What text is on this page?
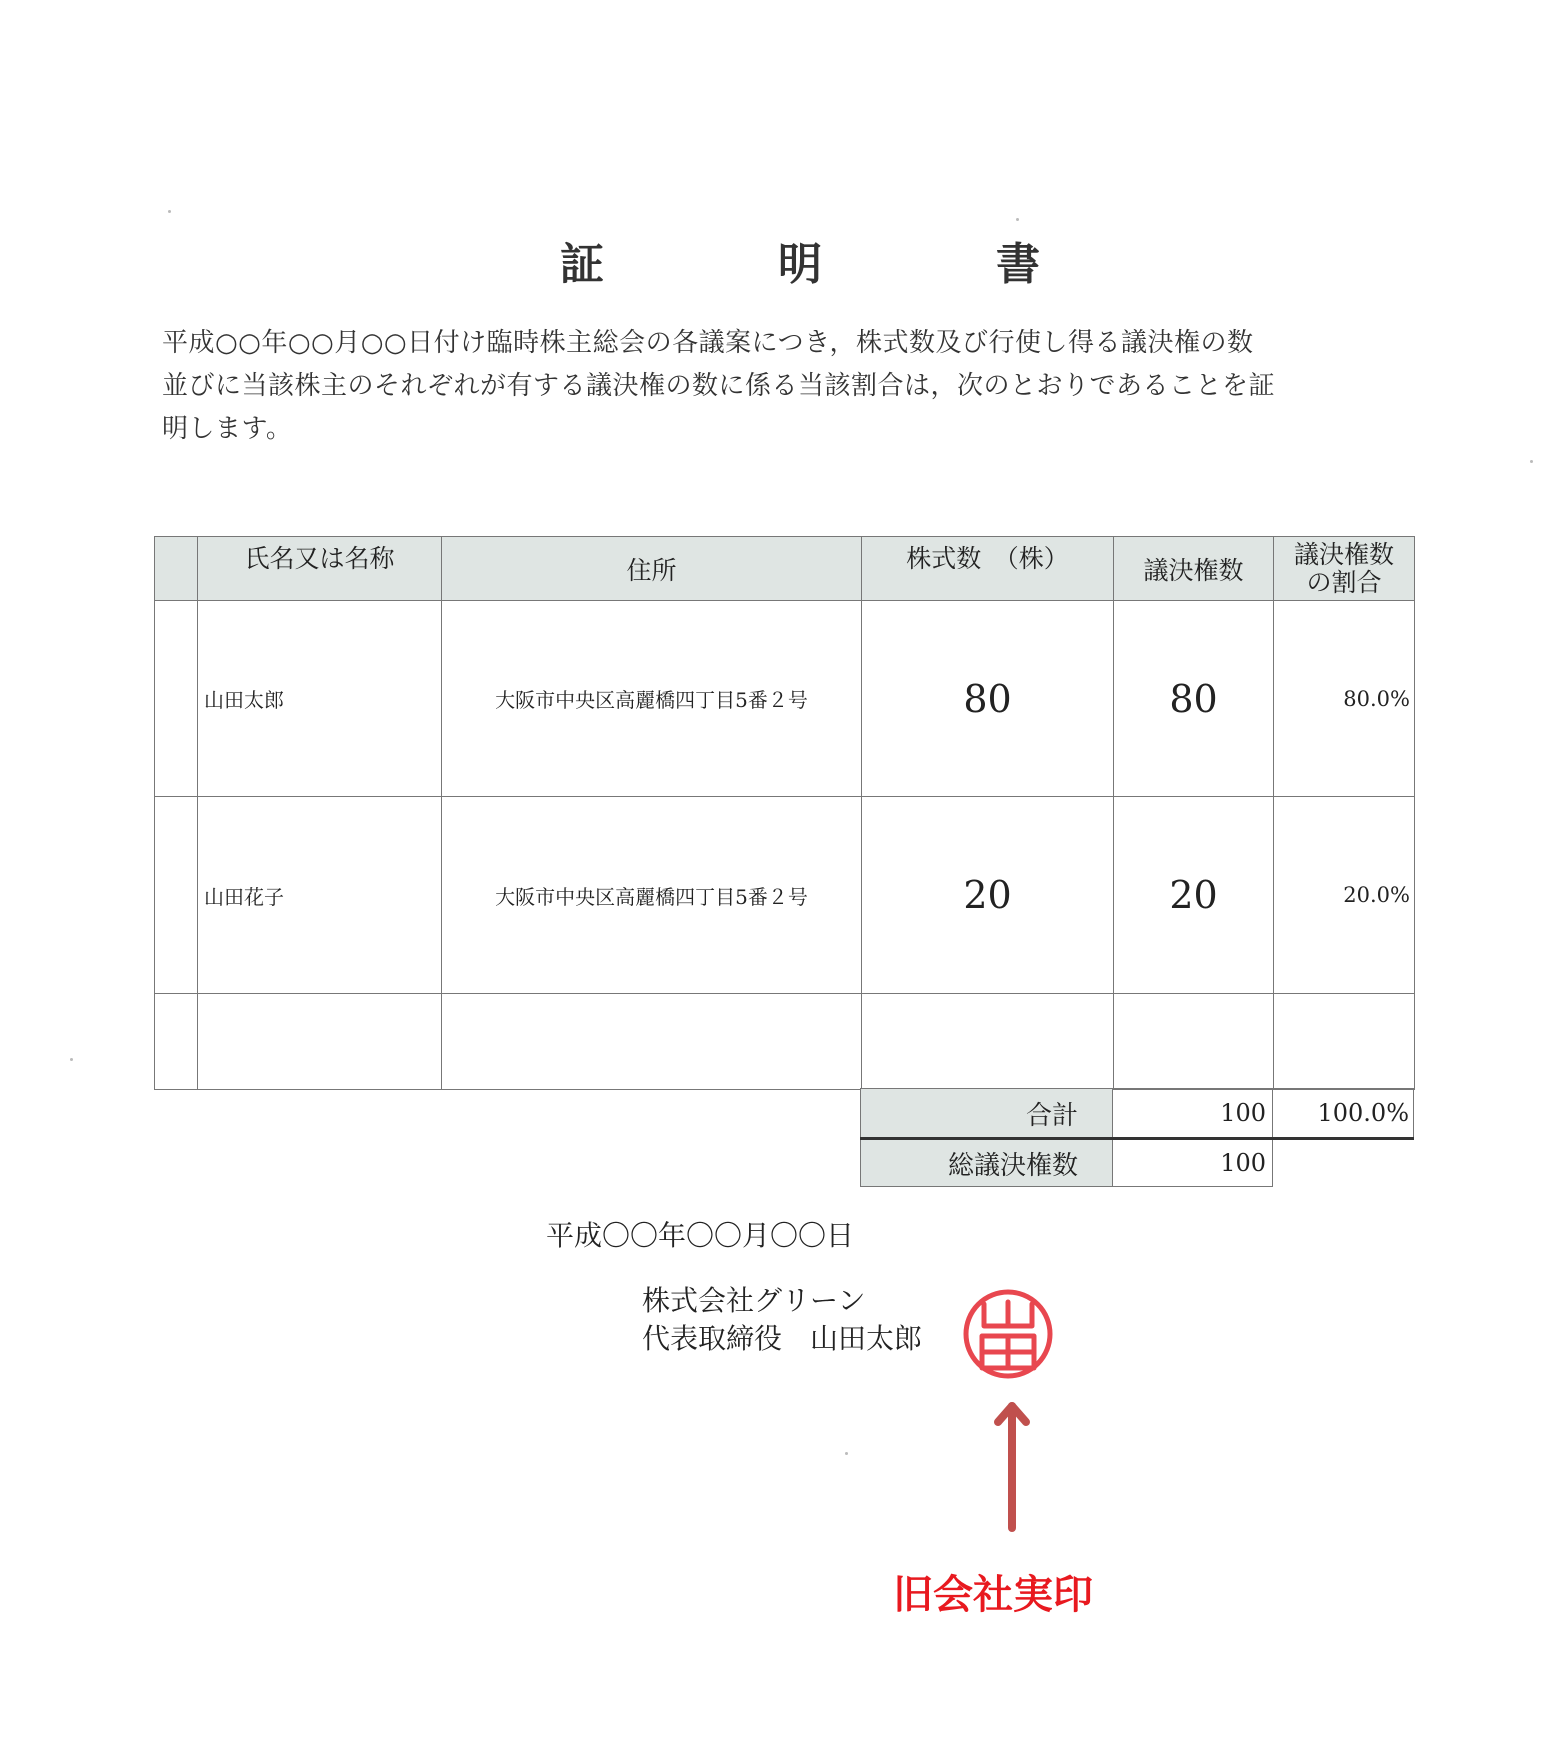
証	明	書
平成○○年○○月○○日付け臨時株主総会の各議案につき，株式数及び行使し得る議決権の数
並びに当該株主のそれぞれが有する議決権の数に係る当該割合は，次のとおりであることを証
明します。
	氏名又は名称	住所	株式数　（株）	議決権数	議決権数
の割合

	山田太郎	大阪市中央区高麗橋四丁目5番２号	80	80	80.0%
	山田花子	大阪市中央区高麗橋四丁目5番２号	20	20	20.0%

合計	100	100.0%
総議決権数	100	
平成〇〇年〇〇月〇〇日
株式会社グリーン
代表取締役　山田太郎
旧会社実印
